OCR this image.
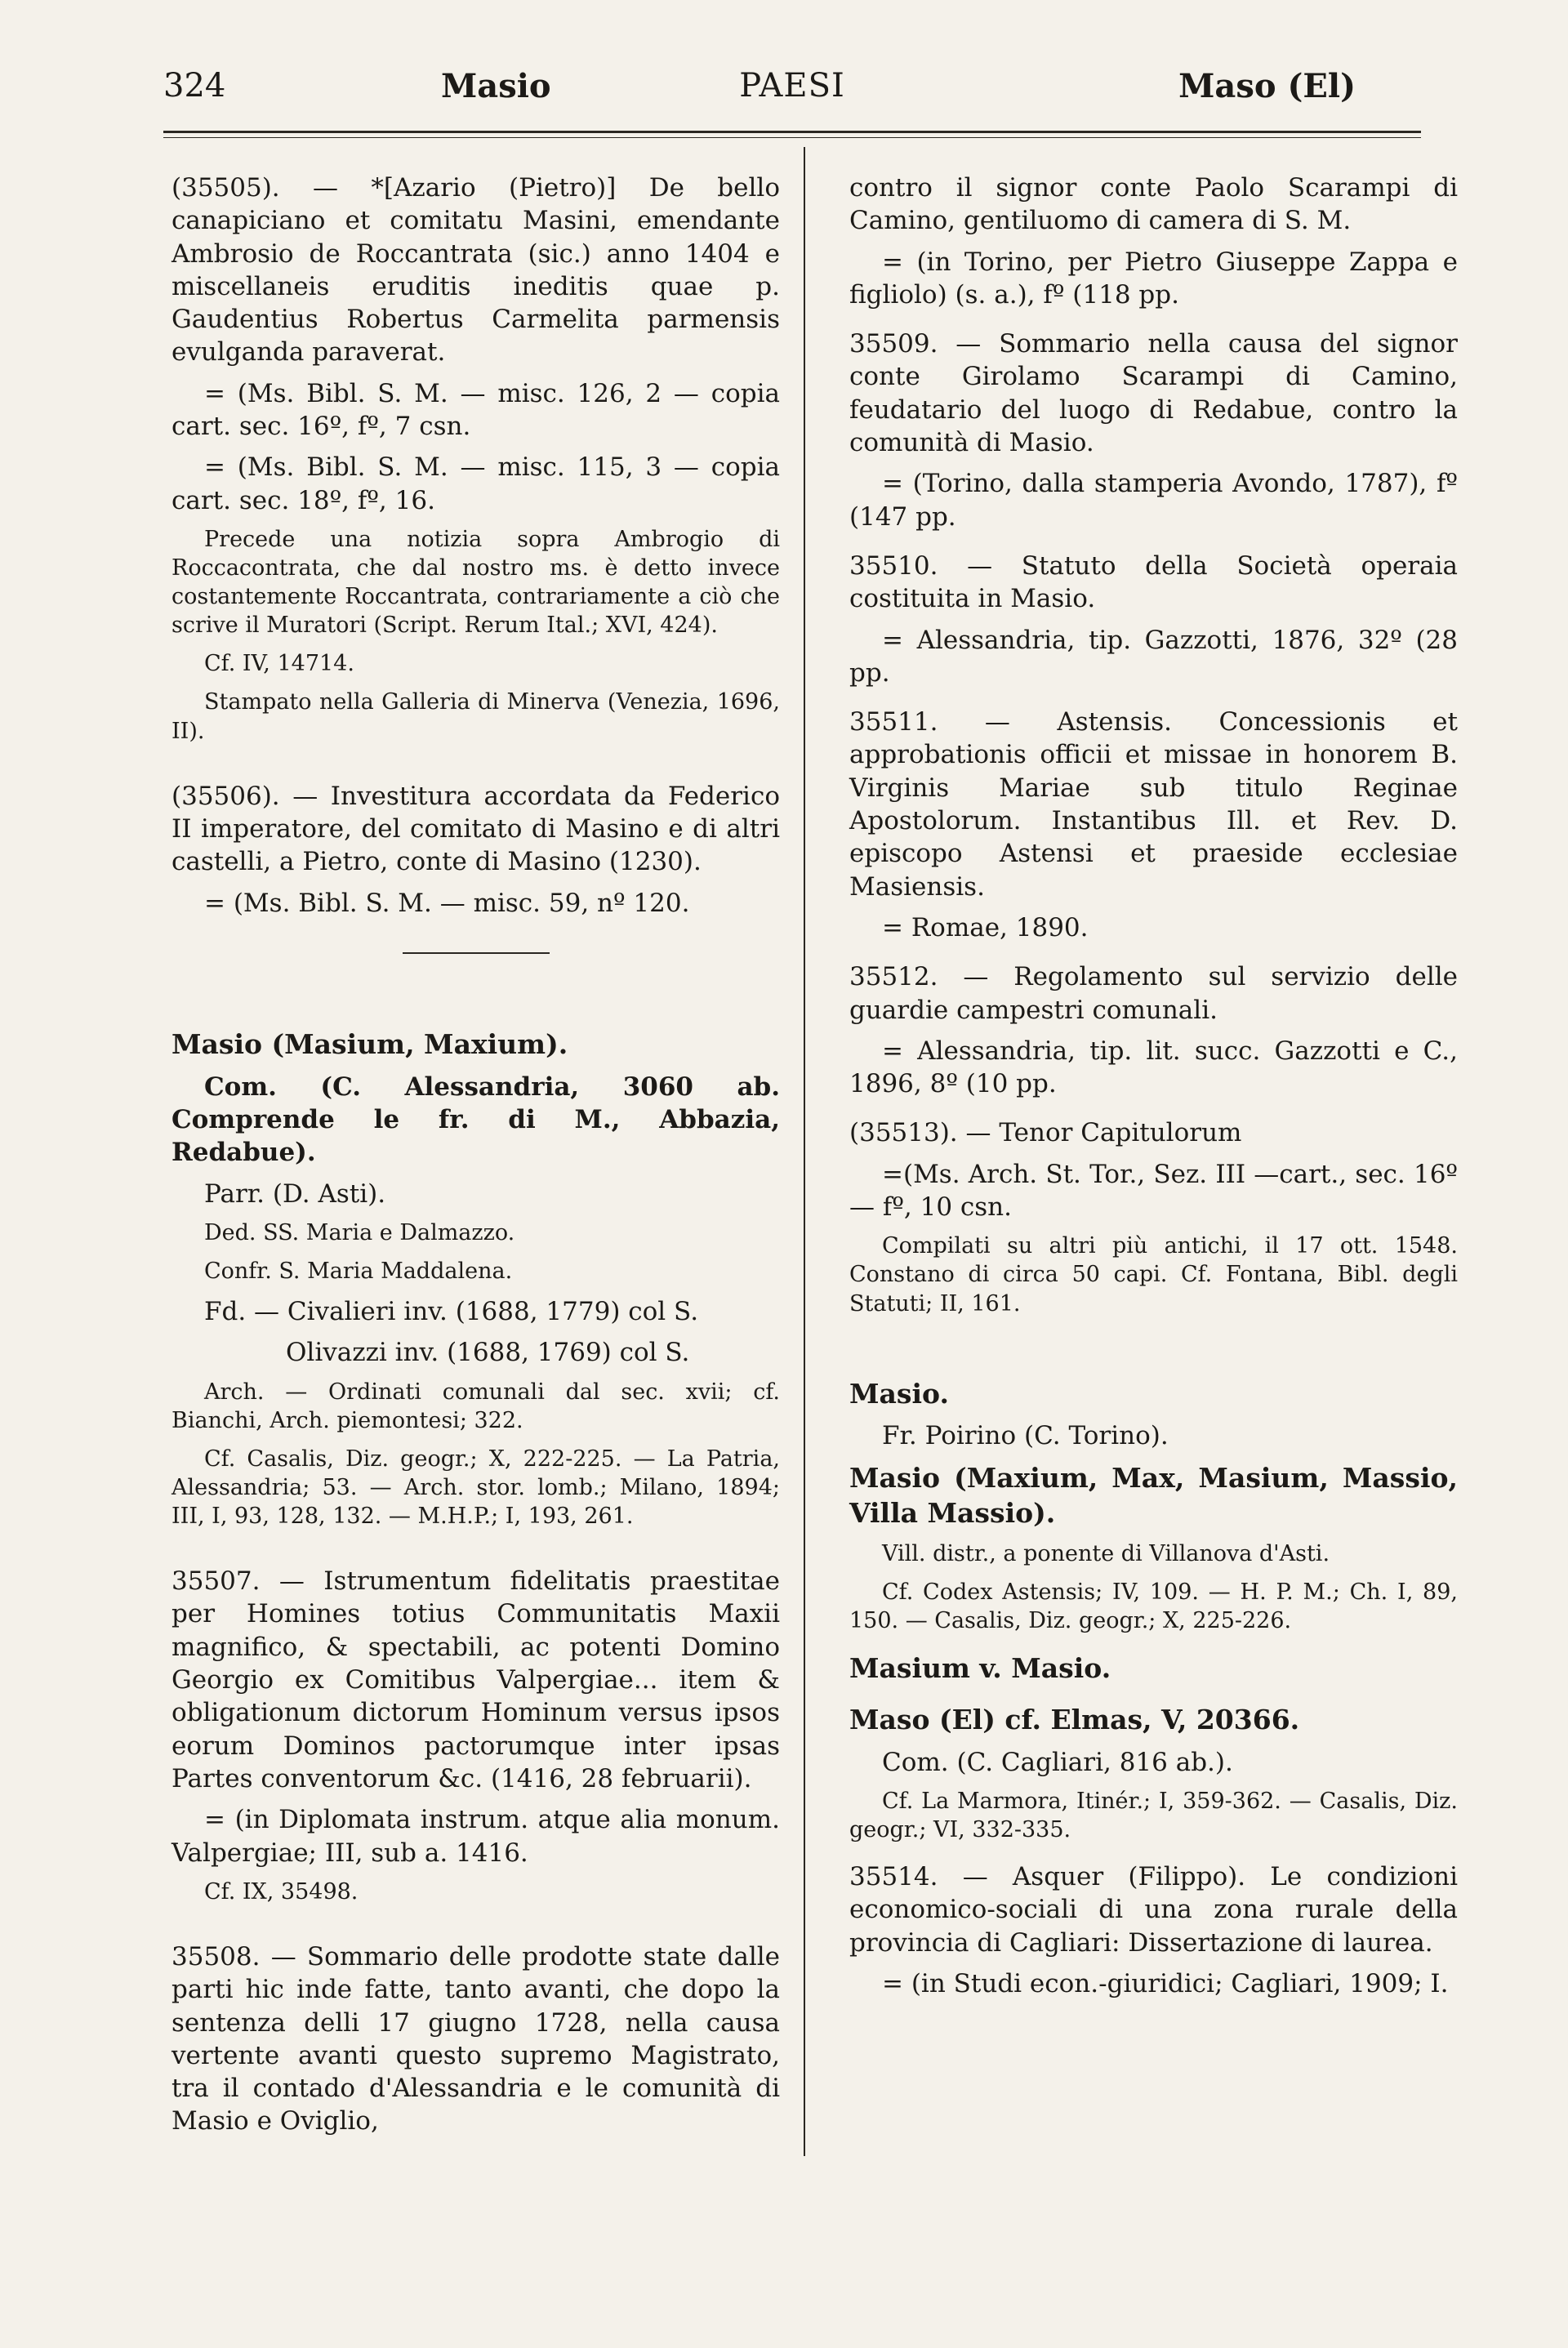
324	Masio	PAESI	Maso (El)

(35505). — *[Azario (Pietro)] De bello canapiciano et comitatu Masini, emendante Ambrosio de Roccantrata (sic.) anno 1404 e miscellaneis eruditis ineditis quae p. Gaudentius Robertus Carmelita parmensis evulganda paraverat.

= (Ms. Bibl. S. M. — misc. 126, 2 — copia cart. sec. 16º, fº, 7 csn.

= (Ms. Bibl. S. M. — misc. 115, 3 — copia cart. sec. 18º, fº, 16.

Precede una notizia sopra Ambrogio di Roccacontrata, che dal nostro ms. è detto invece costantemente Roccantrata, contrariamente a ciò che scrive il Muratori (Script. Rerum Ital.; XVI, 424).

Cf. IV, 14714.

Stampato nella Galleria di Minerva (Venezia, 1696, II).

(35506). — Investitura accordata da Federico II imperatore, del comitato di Masino e di altri castelli, a Pietro, conte di Masino (1230).

= (Ms. Bibl. S. M. — misc. 59, nº 120.

Masio (Masium, Maxium).

Com. (C. Alessandria, 3060 ab. Comprende le fr. di M., Abbazia, Redabue).

Parr. (D. Asti).

Ded. SS. Maria e Dalmazzo.

Confr. S. Maria Maddalena.

Fd. — Civalieri inv. (1688, 1779) col S.

Olivazzi inv. (1688, 1769) col S.

Arch. — Ordinati comunali dal sec. xvii; cf. Bianchi, Arch. piemontesi; 322.

Cf. Casalis, Diz. geogr.; X, 222-225. — La Patria, Alessandria; 53. — Arch. stor. lomb.; Milano, 1894; III, I, 93, 128, 132. — M.H.P.; I, 193, 261.

35507. — Istrumentum fidelitatis praestitae per Homines totius Communitatis Maxii magnifico, & spectabili, ac potenti Domino Georgio ex Comitibus Valpergiae... item & obligationum dictorum Hominum versus ipsos eorum Dominos pactorumque inter ipsas Partes conventorum &c. (1416, 28 februarii).

= (in Diplomata instrum. atque alia monum. Valpergiae; III, sub a. 1416.

Cf. IX, 35498.

35508. — Sommario delle prodotte state dalle parti hic inde fatte, tanto avanti, che dopo la sentenza delli 17 giugno 1728, nella causa vertente avanti questo supremo Magistrato, tra il contado d'Alessandria e le comunità di Masio e Oviglio,

contro il signor conte Paolo Scarampi di Camino, gentiluomo di camera di S. M.

= (in Torino, per Pietro Giuseppe Zappa e figliolo) (s. a.), fº (118 pp.

35509. — Sommario nella causa del signor conte Girolamo Scarampi di Camino, feudatario del luogo di Redabue, contro la comunità di Masio.

= (Torino, dalla stamperia Avondo, 1787), fº (147 pp.

35510. — Statuto della Società operaia costituita in Masio.

= Alessandria, tip. Gazzotti, 1876, 32º (28 pp.

35511. — Astensis. Concessionis et approbationis officii et missae in honorem B. Virginis Mariae sub titulo Reginae Apostolorum. Instantibus Ill. et Rev. D. episcopo Astensi et praeside ecclesiae Masiensis.

= Romae, 1890.

35512. — Regolamento sul servizio delle guardie campestri comunali.

= Alessandria, tip. lit. succ. Gazzotti e C., 1896, 8º (10 pp.

(35513). — Tenor Capitulorum

=(Ms. Arch. St. Tor., Sez. III —cart., sec. 16º — fº, 10 csn.

Compilati su altri più antichi, il 17 ott. 1548. Constano di circa 50 capi. Cf. Fontana, Bibl. degli Statuti; II, 161.

Masio.

Fr. Poirino (C. Torino).

Masio (Maxium, Max, Masium, Massio, Villa Massio).

Vill. distr., a ponente di Villanova d'Asti.

Cf. Codex Astensis; IV, 109. — H. P. M.; Ch. I, 89, 150. — Casalis, Diz. geogr.; X, 225-226.

Masium v. Masio.

Maso (El) cf. Elmas, V, 20366.

Com. (C. Cagliari, 816 ab.).

Cf. La Marmora, Itinér.; I, 359-362. — Casalis, Diz. geogr.; VI, 332-335.

35514. — Asquer (Filippo). Le condizioni economico-sociali di una zona rurale della provincia di Cagliari: Dissertazione di laurea.

= (in Studi econ.-giuridici; Cagliari, 1909; I.
